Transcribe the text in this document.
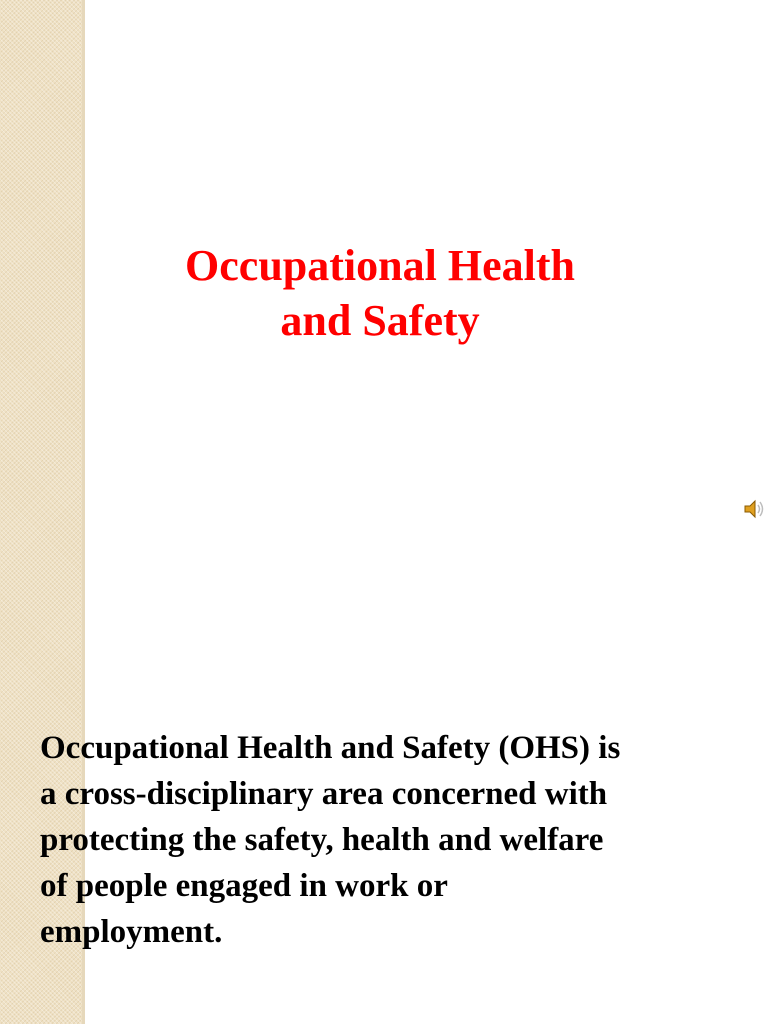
Occupational Health
and Safety
Occupational Health and Safety (OHS) is
a cross-disciplinary area concerned with
protecting the safety, health and welfare
of people engaged in work or
employment.
